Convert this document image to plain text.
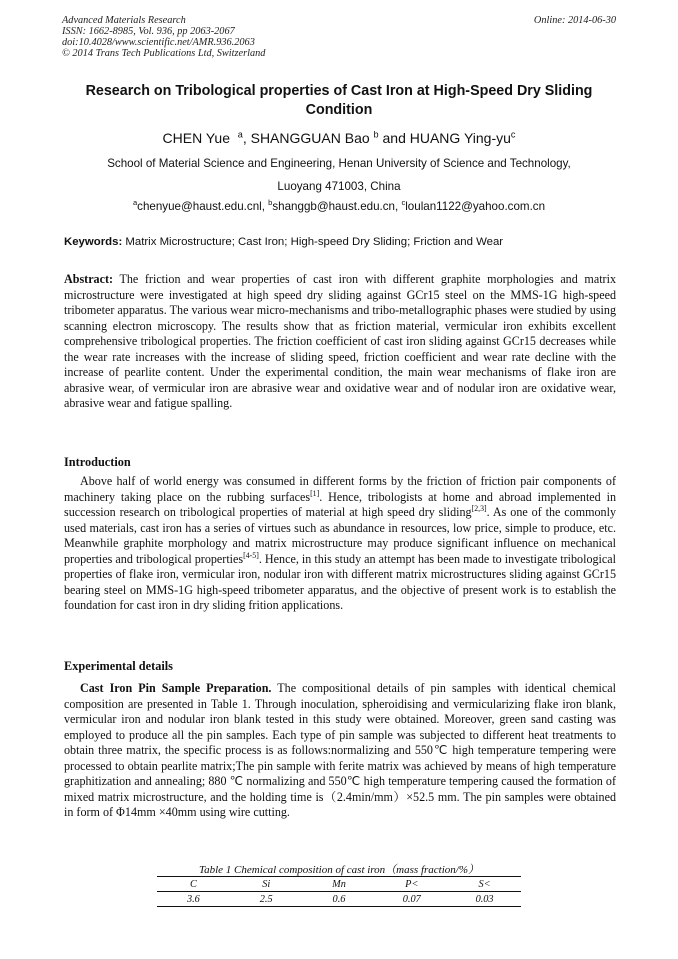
Advanced Materials Research
ISSN: 1662-8985, Vol. 936, pp 2063-2067
doi:10.4028/www.scientific.net/AMR.936.2063
© 2014 Trans Tech Publications Ltd, Switzerland
Online: 2014-06-30
Research on Tribological properties of Cast Iron at High-Speed Dry Sliding Condition
CHEN Yue $^a$, SHANGGUAN Bao $^b$ and HUANG Ying-$yu^c$
School of Material Science and Engineering, Henan University of Science and Technology,
Luoyang 471003, China
$^a$chenyue@haust.edu.cnl, $^b$shanggb@haust.edu.cn, $^c$loulan1122@yahoo.com.cn
Keywords: Matrix Microstructure; Cast Iron; High-speed Dry Sliding; Friction and Wear
Abstract: The friction and wear properties of cast iron with different graphite morphologies and matrix microstructure were investigated at high speed dry sliding against GCr15 steel on the MMS-1G high-speed tribometer apparatus. The various wear micro-mechanisms and tribo-metallographic phases were studied by using scanning electron microscopy. The results show that as friction material, vermicular iron exhibits excellent comprehensive tribological properties. The friction coefficient of cast iron sliding against GCr15 decreases while the wear rate increases with the increase of sliding speed, friction coefficient and wear rate decline with the increase of pearlite content. Under the experimental condition, the main wear mechanisms of flake iron are abrasive wear, of vermicular iron are abrasive wear and oxidative wear and of nodular iron are oxidative wear, abrasive wear and fatigue spalling.
Introduction
Above half of world energy was consumed in different forms by the friction of friction pair components of machinery taking place on the rubbing surfaces[1]. Hence, tribologists at home and abroad implemented in succession research on tribological properties of material at high speed dry sliding[2,3]. As one of the commonly used materials, cast iron has a series of virtues such as abundance in resources, low price, simple to produce, etc. Meanwhile graphite morphology and matrix microstructure may produce significant influence on mechanical properties and tribological properties[4-5]. Hence, in this study an attempt has been made to investigate tribological properties of flake iron, vermicular iron, nodular iron with different matrix microstructures sliding against GCr15 bearing steel on MMS-1G high-speed tribometer apparatus, and the objective of present work is to establish the foundation for cast iron in dry sliding frition applications.
Experimental details
Cast Iron Pin Sample Preparation. The compositional details of pin samples with identical chemical composition are presented in Table 1. Through inoculation, spheroidising and vermicularizing flake iron blank, vermicular iron and nodular iron blank tested in this study were obtained. Moreover, green sand casting was employed to produce all the pin samples. Each type of pin sample was subjected to different heat treatments to obtain three matrix, the specific process is as follows:normalizing and 550℃ high temperature tempering were processed to obtain pearlite matrix;The pin sample with ferite matrix was achieved by means of high temperature graphitization and annealing; 880 ℃ normalizing and 550℃ high temperature tempering caused the formation of mixed matrix microstructure, and the holding time is（2.4min/mm）×52.5 mm. The pin samples were obtained in form of Φ14mm ×40mm using wire cutting.
Table 1 Chemical composition of cast iron（mass fraction/%）
C	Si	Mn	P<	S<
3.6	2.5	0.6	0.07	0.03
